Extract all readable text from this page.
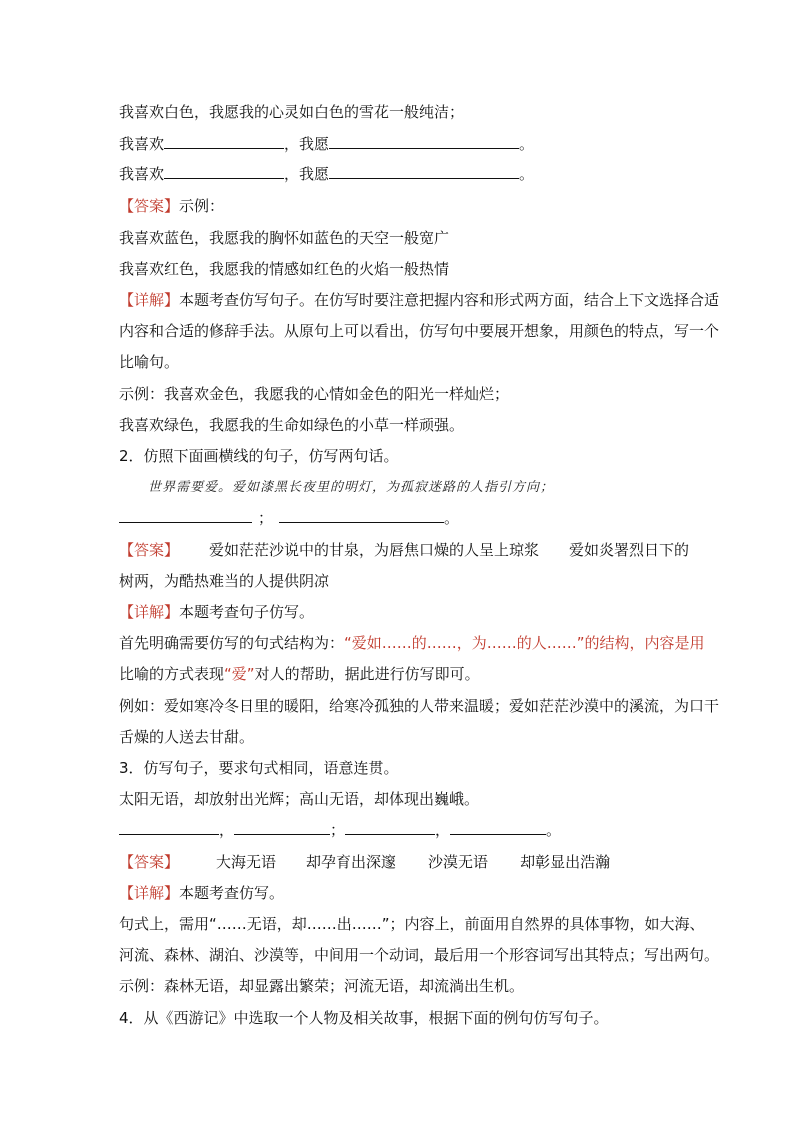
我喜欢白色，我愿我的心灵如白色的雪花一般纯洁；
我喜欢	，我愿	。
我喜欢	，我愿	。
【答案】示例：
我喜欢蓝色，我愿我的胸怀如蓝色的天空一般宽广
我喜欢红色，我愿我的情感如红色的火焰一般热情
【详解】本题考查仿写句子。在仿写时要注意把握内容和形式两方面，结合上下文选择合适
内容和合适的修辞手法。从原句上可以看出，仿写句中要展开想象，用颜色的特点，写一个
比喻句。
示例：我喜欢金色，我愿我的心情如金色的阳光一样灿烂；
我喜欢绿色，我愿我的生命如绿色的小草一样顽强。
2．仿照下面画横线的句子，仿写两句话。
世界需要爱。爱如漆黑长夜里的明灯，为孤寂迷路的人指引方向；
；	。
【答案】 爱如茫茫沙说中的甘泉，为唇焦口燥的人呈上琼浆 爱如炎署烈日下的
树两，为酷热难当的人提供阴凉
【详解】本题考查句子仿写。
首先明确需要仿写的句式结构为：“爱如……的……，为……的人……”的结构，内容是用
比喻的方式表现“爱”对人的帮助，据此进行仿写即可。
例如：爱如寒冷冬日里的暖阳，给寒冷孤独的人带来温暖；爱如茫茫沙漠中的溪流，为口干
舌燥的人送去甘甜。
3．仿写句子，要求句式相同，语意连贯。
太阳无语，却放射出光辉；高山无语，却体现出巍峨。
，	；	，	。
【答案】 大海无语 却孕育出深邃 沙漠无语 却彰显出浩瀚
【详解】本题考查仿写。
句式上，需用“……无语，却……出……”；内容上，前面用自然界的具体事物，如大海、
河流、森林、湖泊、沙漠等，中间用一个动词，最后用一个形容词写出其特点；写出两句。
示例：森林无语，却显露出繁荣；河流无语，却流淌出生机。
4．从《西游记》中选取一个人物及相关故事，根据下面的例句仿写句子。
